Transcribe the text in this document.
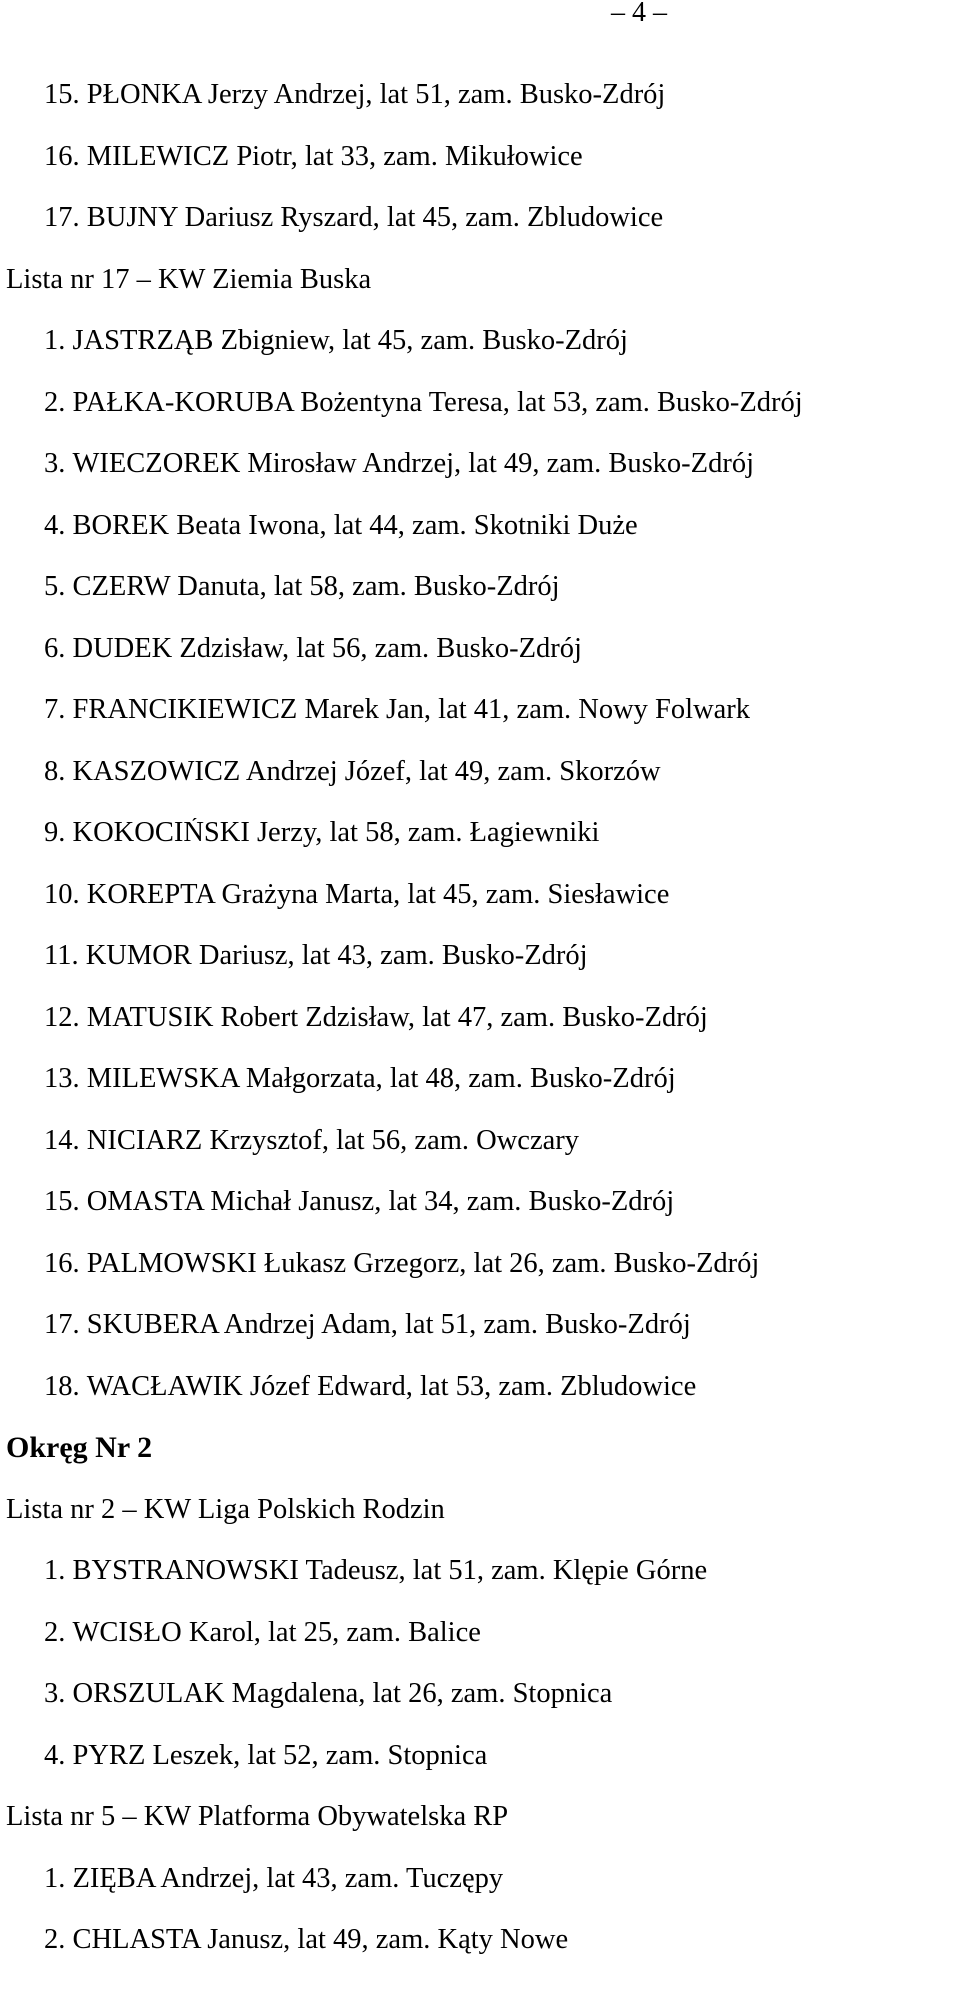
– 4 –
15. PŁONKA Jerzy Andrzej, lat 51, zam. Busko-Zdrój
16. MILEWICZ Piotr, lat 33, zam. Mikułowice
17. BUJNY Dariusz Ryszard, lat 45, zam. Zbludowice
Lista nr 17 – KW Ziemia Buska
1. JASTRZĄB Zbigniew, lat 45, zam. Busko-Zdrój
2. PAŁKA-KORUBA Bożentyna Teresa, lat 53, zam. Busko-Zdrój
3. WIECZOREK Mirosław Andrzej, lat 49, zam. Busko-Zdrój
4. BOREK Beata Iwona, lat 44, zam. Skotniki Duże
5. CZERW Danuta, lat 58, zam. Busko-Zdrój
6. DUDEK Zdzisław, lat 56, zam. Busko-Zdrój
7. FRANCIKIEWICZ Marek Jan, lat 41, zam. Nowy Folwark
8. KASZOWICZ Andrzej Józef, lat 49, zam. Skorzów
9. KOKOCIŃSKI Jerzy, lat 58, zam. Łagiewniki
10. KOREPTA Grażyna Marta, lat 45, zam. Siesławice
11. KUMOR Dariusz, lat 43, zam. Busko-Zdrój
12. MATUSIK Robert Zdzisław, lat 47, zam. Busko-Zdrój
13. MILEWSKA Małgorzata, lat 48, zam. Busko-Zdrój
14. NICIARZ Krzysztof, lat 56, zam. Owczary
15. OMASTA Michał Janusz, lat 34, zam. Busko-Zdrój
16. PALMOWSKI Łukasz Grzegorz, lat 26, zam. Busko-Zdrój
17. SKUBERA Andrzej Adam, lat 51, zam. Busko-Zdrój
18. WACŁAWIK Józef Edward, lat 53, zam. Zbludowice
Okręg Nr 2
Lista nr 2 – KW Liga Polskich Rodzin
1. BYSTRANOWSKI Tadeusz, lat 51, zam. Klępie Górne
2. WCISŁO Karol, lat 25, zam. Balice
3. ORSZULAK Magdalena, lat 26, zam. Stopnica
4. PYRZ Leszek, lat 52, zam. Stopnica
Lista nr 5 – KW Platforma Obywatelska RP
1. ZIĘBA Andrzej, lat 43, zam. Tuczępy
2. CHLASTA Janusz, lat 49, zam. Kąty Nowe
